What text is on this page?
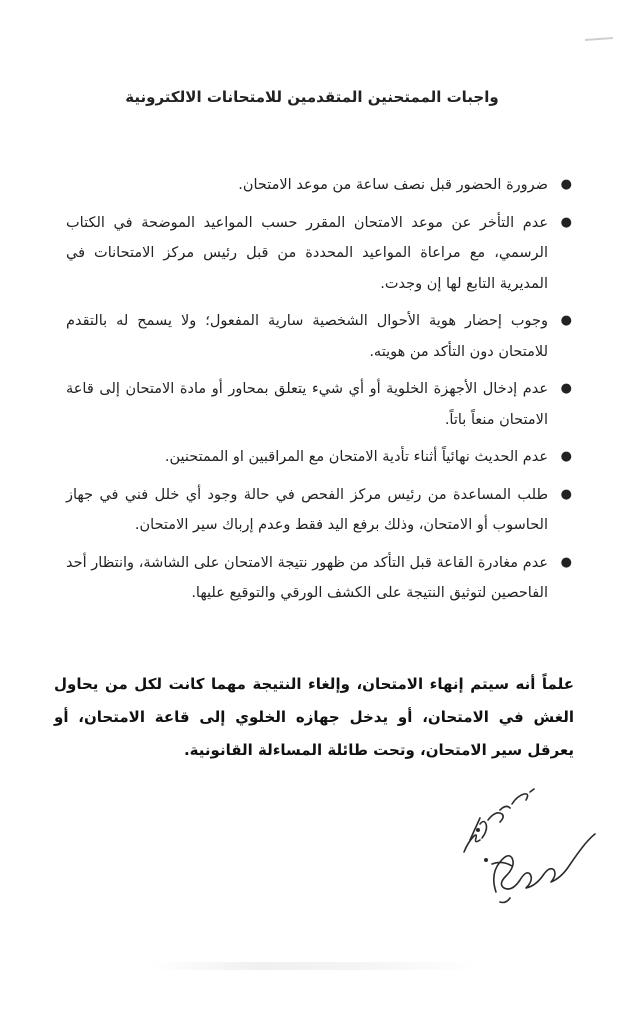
واجبات الممتحنين المتقدمين للامتحانات الالكترونية
●
ضرورة الحضور قبل نصف ساعة من موعد الامتحان.
●
عدم التأخر عن موعد الامتحان المقرر حسب المواعيد الموضحة في الكتاب الرسمي، مع مراعاة المواعيد المحددة من قبل رئيس مركز الامتحانات في المديرية التابع لها إن وجدت.
●
وجوب إحضار هوية الأحوال الشخصية سارية المفعول؛ ولا يسمح له بالتقدم للامتحان دون التأكد من هويته.
●
عدم إدخال الأجهزة الخلوية أو أي شيء يتعلق بمحاور أو مادة الامتحان إلى قاعة الامتحان منعاً باتاً.
●
عدم الحديث نهائياً أثناء تأدية الامتحان مع المراقبين او الممتحنين.
●
طلب المساعدة من رئيس مركز الفحص في حالة وجود أي خلل فني في جهاز الحاسوب أو الامتحان، وذلك برفع اليد فقط وعدم إرباك سير الامتحان.
●
عدم مغادرة القاعة قبل التأكد من ظهور نتيجة الامتحان على الشاشة، وانتظار أحد الفاحصين لتوثيق النتيجة على الكشف الورقي والتوقيع عليها.

علماً أنه سيتم إنهاء الامتحان، وإلغاء النتيجة مهما كانت لكل من يحاول الغش في الامتحان، أو يدخل جهازه الخلوي إلى قاعة الامتحان، أو يعرقل سير الامتحان، وتحت طائلة المساءلة القانونية.
